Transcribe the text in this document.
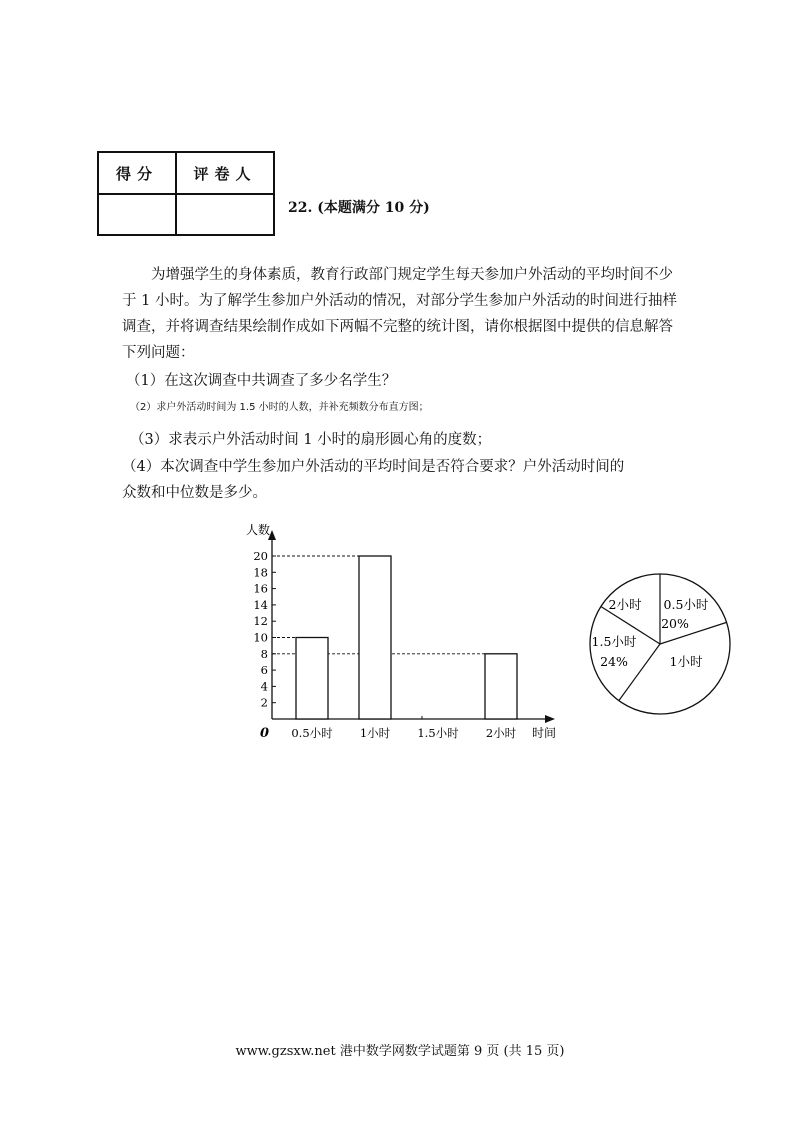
得分	评卷人

22. (本题满分 10 分)
为增强学生的身体素质，教育行政部门规定学生每天参加户外活动的平均时间不少于 1 小时。为了解学生参加户外活动的情况，对部分学生参加户外活动的时间进行抽样调查，并将调查结果绘制作成如下两幅不完整的统计图，请你根据图中提供的信息解答下列问题：
（1）在这次调查中共调查了多少名学生？
（2）求户外活动时间为 1.5 小时的人数，并补充频数分布直方图；
（3）求表示户外活动时间 1 小时的扇形圆心角的度数；
（4）本次调查中学生参加户外活动的平均时间是否符合要求？户外活动时间的
众数和中位数是多少。
人数
时间
0
2
4
6
8
10
12
14
16
18
20
0.5小时 1小时 1.5小时 2小时
0.5小时
20%
1小时
1.5小时
24%
2小时
www.gzsxw.net 港中数学网数学试题第 9 页 (共 15 页)
